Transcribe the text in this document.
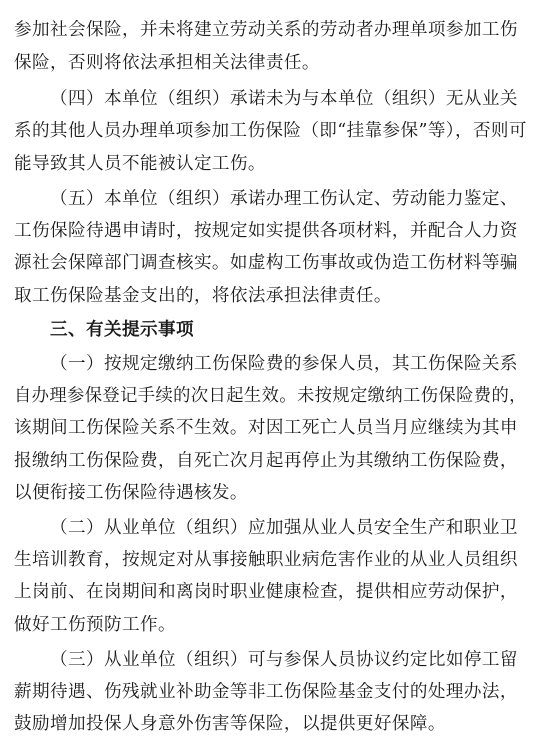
参加社会保险，并未将建立劳动关系的劳动者办理单项参加工伤
保险，否则将依法承担相关法律责任。
（四）本单位（组织）承诺未为与本单位（组织）无从业关
系的其他人员办理单项参加工伤保险（即“挂靠参保”等），否则可
能导致其人员不能被认定工伤。
（五）本单位（组织）承诺办理工伤认定、劳动能力鉴定、
工伤保险待遇申请时，按规定如实提供各项材料，并配合人力资
源社会保障部门调查核实。如虚构工伤事故或伪造工伤材料等骗
取工伤保险基金支出的，将依法承担法律责任。
三、有关提示事项
（一）按规定缴纳工伤保险费的参保人员，其工伤保险关系
自办理参保登记手续的次日起生效。未按规定缴纳工伤保险费的，
该期间工伤保险关系不生效。对因工死亡人员当月应继续为其申
报缴纳工伤保险费，自死亡次月起再停止为其缴纳工伤保险费，
以便衔接工伤保险待遇核发。
（二）从业单位（组织）应加强从业人员安全生产和职业卫
生培训教育，按规定对从事接触职业病危害作业的从业人员组织
上岗前、在岗期间和离岗时职业健康检查，提供相应劳动保护，
做好工伤预防工作。
（三）从业单位（组织）可与参保人员协议约定比如停工留
薪期待遇、伤残就业补助金等非工伤保险基金支付的处理办法，
鼓励增加投保人身意外伤害等保险，以提供更好保障。
